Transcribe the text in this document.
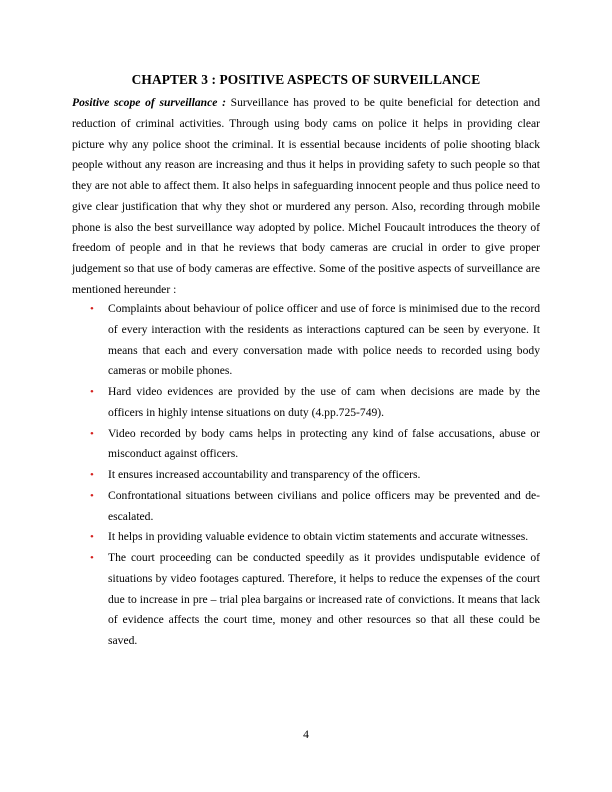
CHAPTER 3 : POSITIVE ASPECTS OF SURVEILLANCE
Positive scope of surveillance : Surveillance has proved to be quite beneficial for detection and reduction of criminal activities. Through using body cams on police it helps in providing clear picture why any police shoot the criminal. It is essential because incidents of polie shooting black people without any reason are increasing and thus it helps in providing safety to such people so that they are not able to affect them. It also helps in safeguarding innocent people and thus police need to give clear justification that why they shot or murdered any person. Also, recording through mobile phone is also the best surveillance way adopted by police. Michel Foucault introduces the theory of freedom of people and in that he reviews that body cameras are crucial in order to give proper judgement so that use of body cameras are effective. Some of the positive aspects of surveillance are mentioned hereunder :
• Complaints about behaviour of police officer and use of force is minimised due to the record of every interaction with the residents as interactions captured can be seen by everyone. It means that each and every conversation made with police needs to recorded using body cameras or mobile phones.
• Hard video evidences are provided by the use of cam when decisions are made by the officers in highly intense situations on duty (4.pp.725-749).
• Video recorded by body cams helps in protecting any kind of false accusations, abuse or misconduct against officers.
• It ensures increased accountability and transparency of the officers.
• Confrontational situations between civilians and police officers may be prevented and de-escalated.
• It helps in providing valuable evidence to obtain victim statements and accurate witnesses.
• The court proceeding can be conducted speedily as it provides undisputable evidence of situations by video footages captured. Therefore, it helps to reduce the expenses of the court due to increase in pre – trial plea bargains or increased rate of convictions. It means that lack of evidence affects the court time, money and other resources so that all these could be saved.
4
